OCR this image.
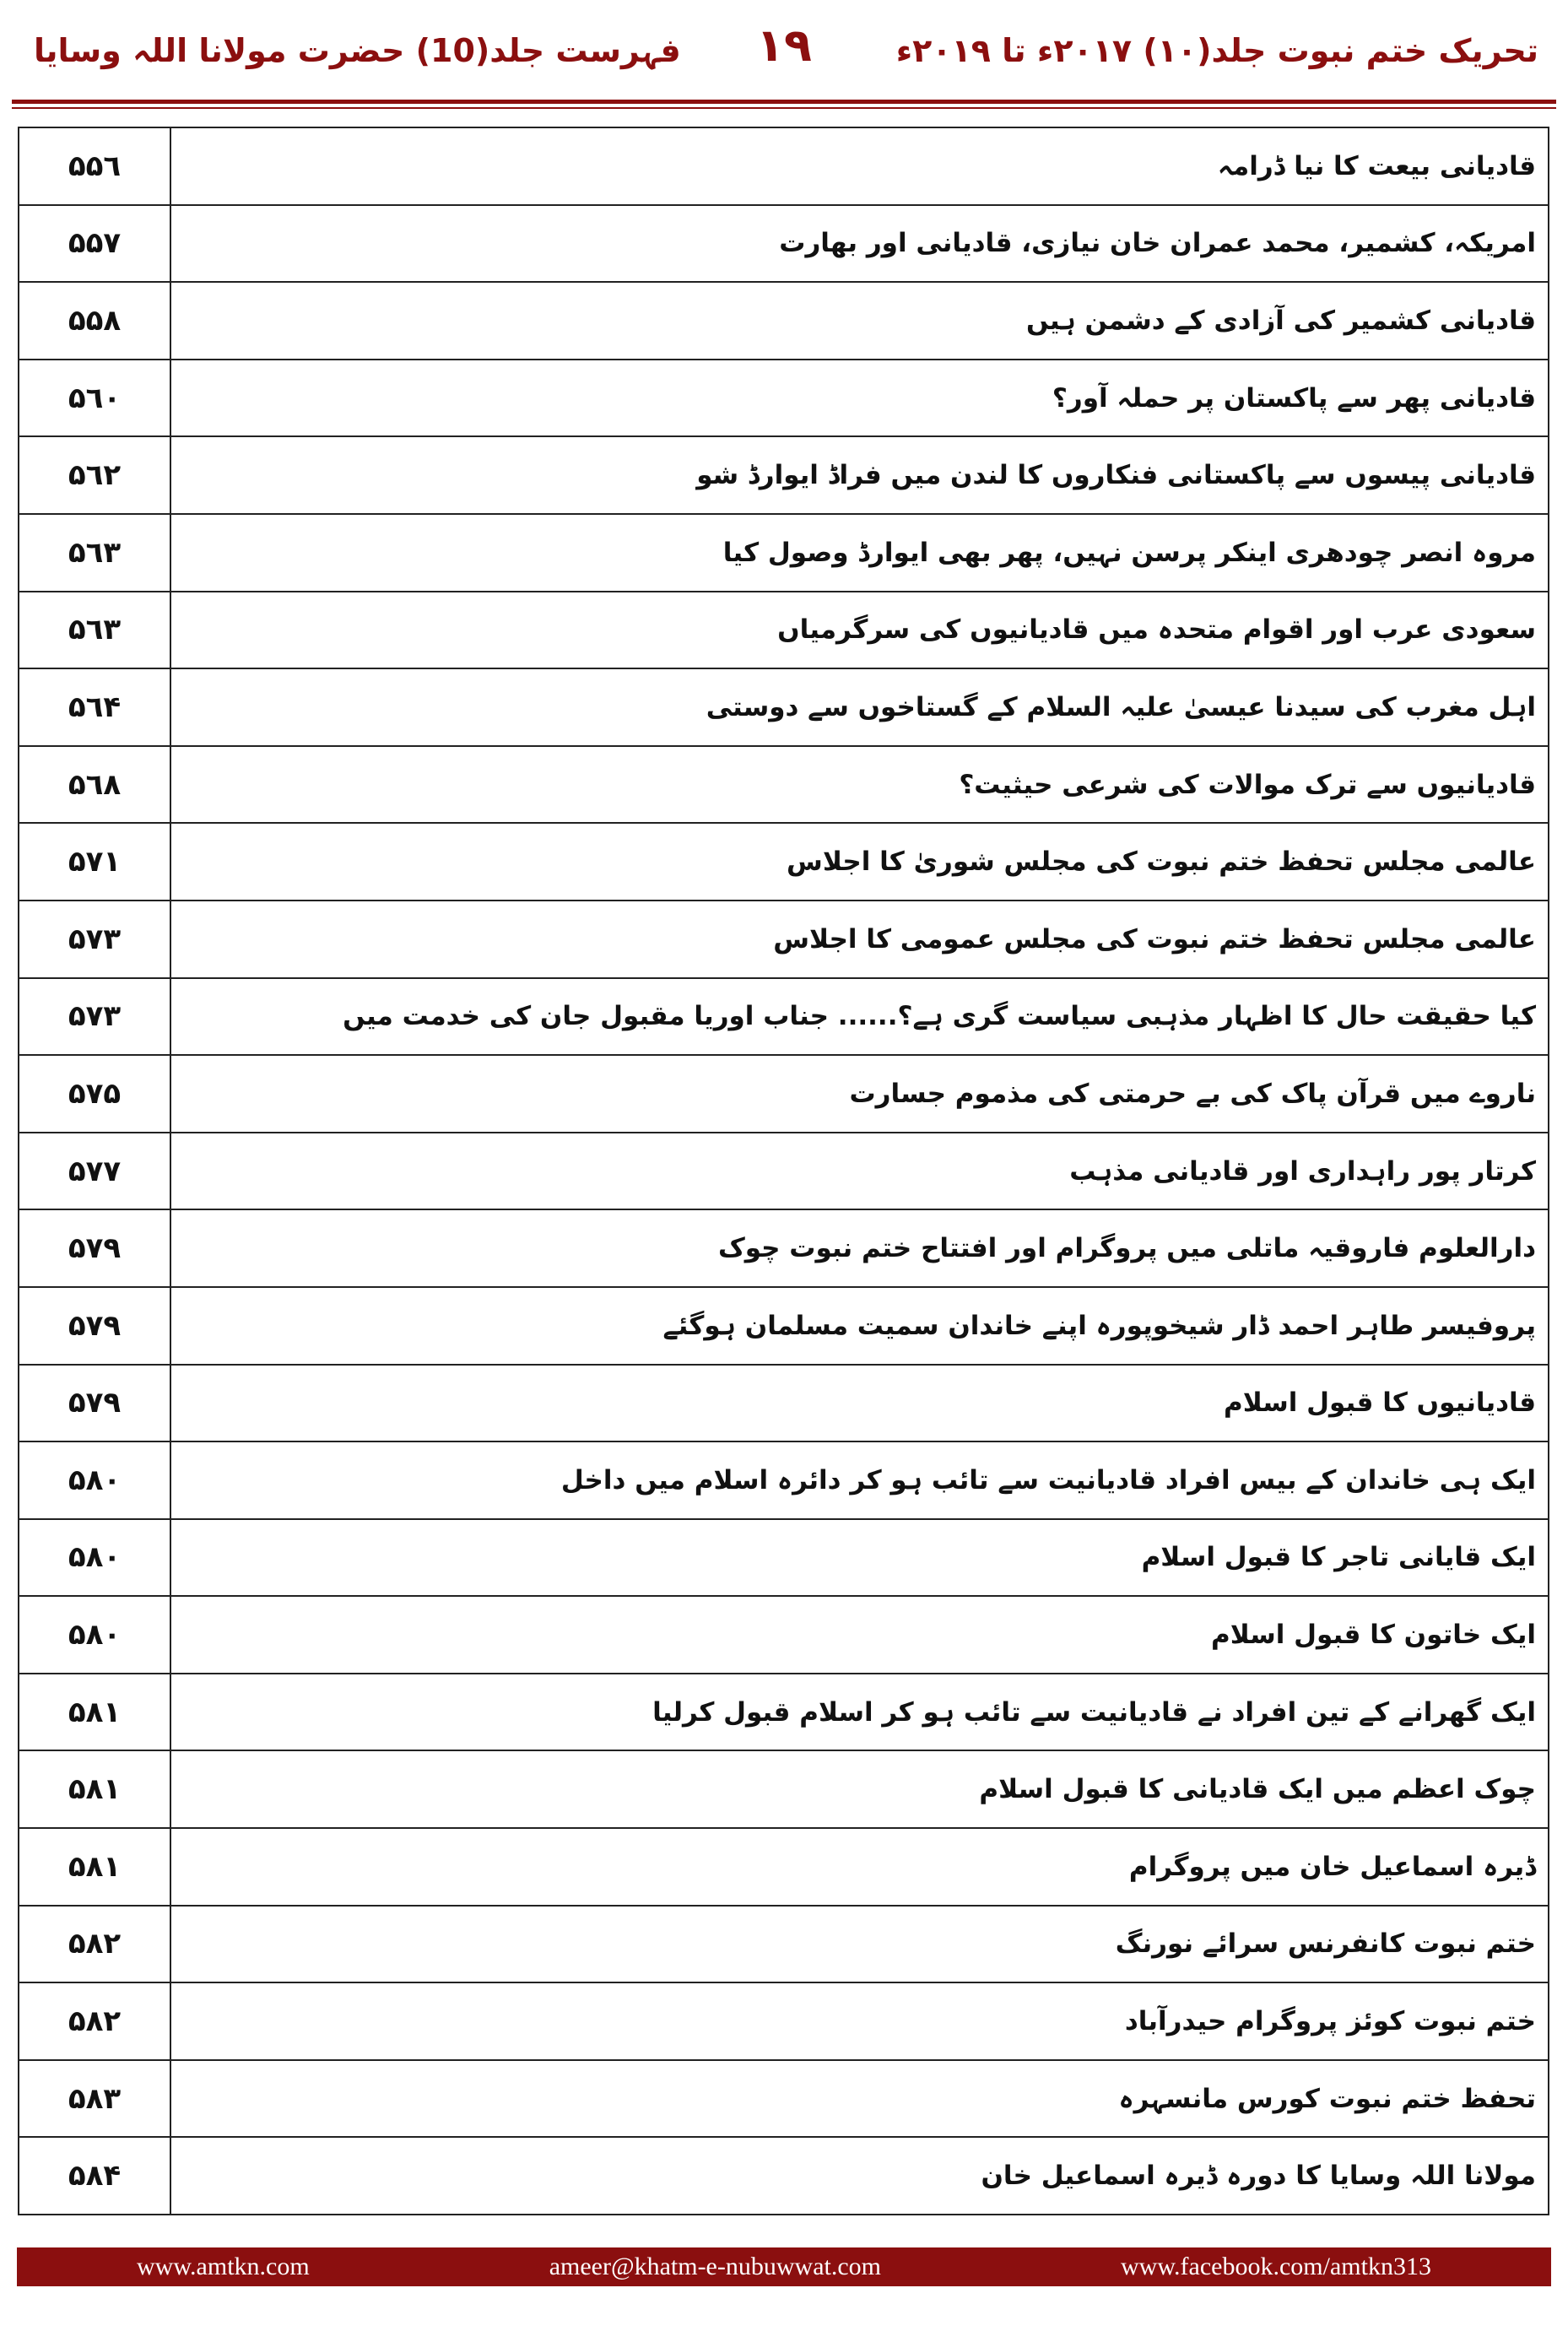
فہرست جلد(10) حضرت مولانا اللہ وسایا	١٩	تحریک ختم نبوت جلد(١٠) ٢٠١٧ء تا ٢٠١٩ء
۵۵٦	قادیانی بیعت کا نیا ڈرامہ
۵۵۷	امریکہ، کشمیر، محمد عمران خان نیازی، قادیانی اور بھارت
۵۵۸	قادیانی کشمیر کی آزادی کے دشمن ہیں
۵٦٠	قادیانی پھر سے پاکستان پر حملہ آور؟
۵٦٢	قادیانی پیسوں سے پاکستانی فنکاروں کا لندن میں فراڈ ایوارڈ شو
۵٦٣	مروہ انصر چودھری اینکر پرسن نہیں، پھر بھی ایوارڈ وصول کیا
۵٦٣	سعودی عرب اور اقوام متحدہ میں قادیانیوں کی سرگرمیاں
۵٦۴	اہل مغرب کی سیدنا عیسیٰ علیہ السلام کے گستاخوں سے دوستی
۵٦۸	قادیانیوں سے ترک موالات کی شرعی حیثیت؟
۵۷١	عالمی مجلس تحفظ ختم نبوت کی مجلس شوریٰ کا اجلاس
۵۷٣	عالمی مجلس تحفظ ختم نبوت کی مجلس عمومی کا اجلاس
۵۷٣	کیا حقیقت حال کا اظہار مذہبی سیاست گری ہے؟...... جناب اوریا مقبول جان کی خدمت میں
۵۷۵	ناروے میں قرآن پاک کی بے حرمتی کی مذموم جسارت
۵۷۷	کرتار پور راہداری اور قادیانی مذہب
۵۷۹	دارالعلوم فاروقیہ ماتلی میں پروگرام اور افتتاح ختم نبوت چوک
۵۷۹	پروفیسر طاہر احمد ڈار شیخوپورہ اپنے خاندان سمیت مسلمان ہوگئے
۵۷۹	قادیانیوں کا قبول اسلام
۵۸٠	ایک ہی خاندان کے بیس افراد قادیانیت سے تائب ہو کر دائرہ اسلام میں داخل
۵۸٠	ایک قایانی تاجر کا قبول اسلام
۵۸٠	ایک خاتون کا قبول اسلام
۵۸١	ایک گھرانے کے تین افراد نے قادیانیت سے تائب ہو کر اسلام قبول کرلیا
۵۸١	چوک اعظم میں ایک قادیانی کا قبول اسلام
۵۸١	ڈیرہ اسماعیل خان میں پروگرام
۵۸٢	ختم نبوت کانفرنس سرائے نورنگ
۵۸٢	ختم نبوت کوئز پروگرام حیدرآباد
۵۸٣	تحفظ ختم نبوت کورس مانسہرہ
۵۸۴	مولانا اللہ وسایا کا دورہ ڈیرہ اسماعیل خان
www.amtkn.com	ameer@khatm-e-nubuwwat.com	www.facebook.com/amtkn313
